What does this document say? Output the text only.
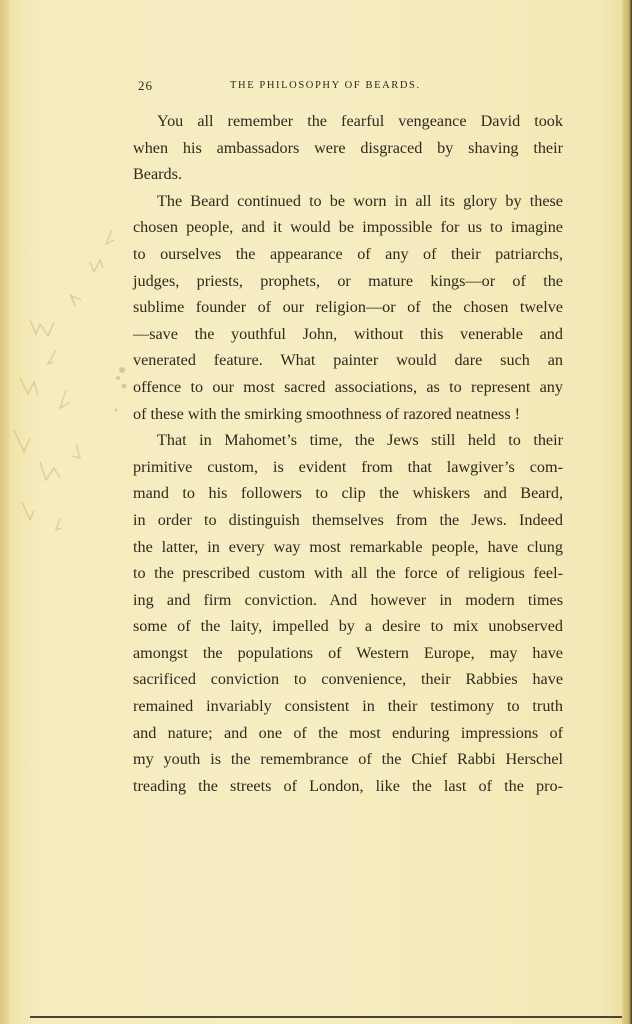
26	THE PHILOSOPHY OF BEARDS.
You all remember the fearful vengeance David took
when his ambassadors were disgraced by shaving their
Beards.
The Beard continued to be worn in all its glory by these
chosen people, and it would be impossible for us to imagine
to ourselves the appearance of any of their patriarchs,
judges, priests, prophets, or mature kings—or of the
sublime founder of our religion—or of the chosen twelve
—save the youthful John, without this venerable and
venerated feature. What painter would dare such an
offence to our most sacred associations, as to represent any
of these with the smirking smoothness of razored neatness !
That in Mahomet’s time, the Jews still held to their
primitive custom, is evident from that lawgiver’s com-
mand to his followers to clip the whiskers and Beard,
in order to distinguish themselves from the Jews. Indeed
the latter, in every way most remarkable people, have clung
to the prescribed custom with all the force of religious feel-
ing and firm conviction. And however in modern times
some of the laity, impelled by a desire to mix unobserved
amongst the populations of Western Europe, may have
sacrificed conviction to convenience, their Rabbies have
remained invariably consistent in their testimony to truth
and nature; and one of the most enduring impressions of
my youth is the remembrance of the Chief Rabbi Herschel
treading the streets of London, like the last of the pro-
